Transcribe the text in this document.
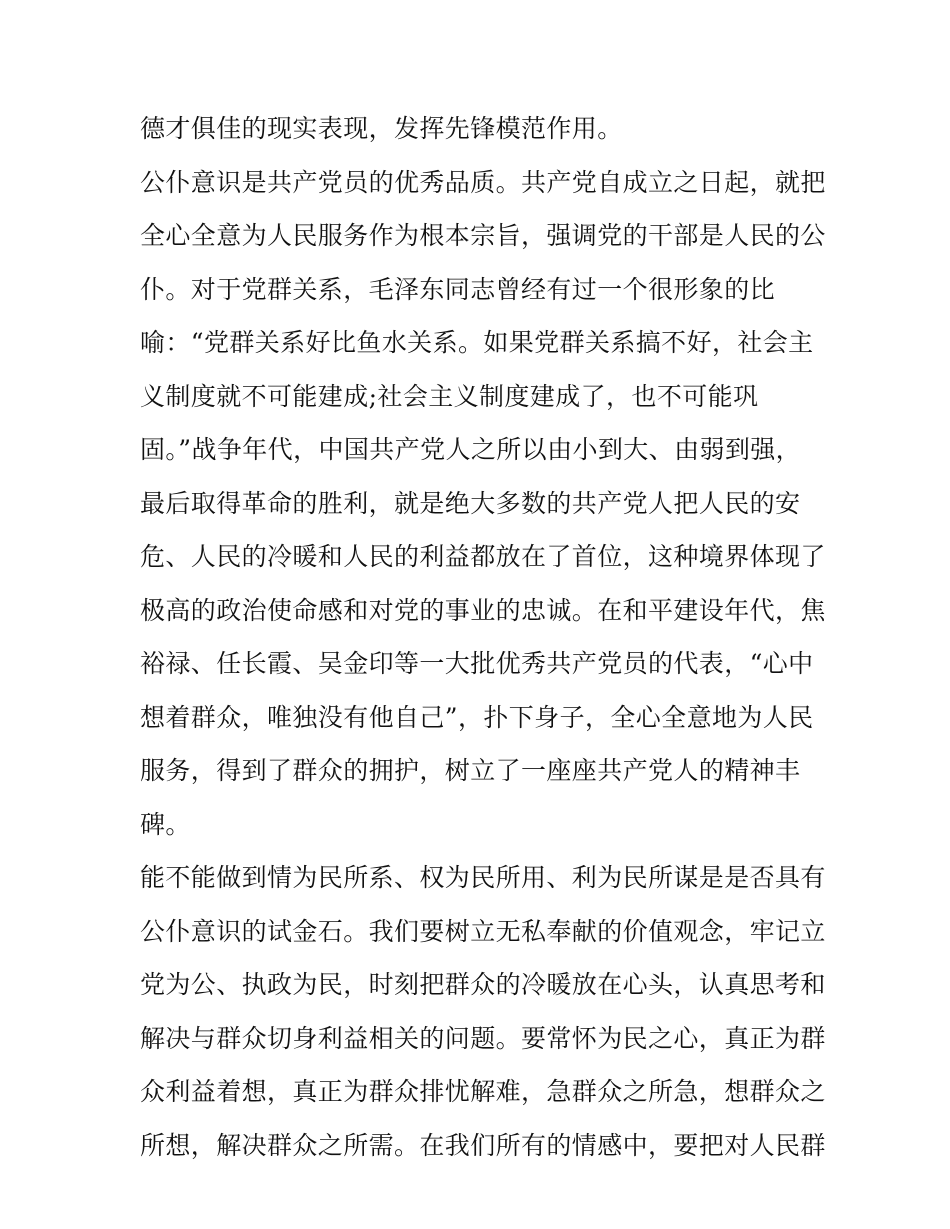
德才俱佳的现实表现，发挥先锋模范作用。
公仆意识是共产党员的优秀品质。共产党自成立之日起，就把
全心全意为人民服务作为根本宗旨，强调党的干部是人民的公
仆。对于党群关系，毛泽东同志曾经有过一个很形象的比
喻：“党群关系好比鱼水关系。如果党群关系搞不好，社会主
义制度就不可能建成;社会主义制度建成了，也不可能巩
固。”战争年代，中国共产党人之所以由小到大、由弱到强，
最后取得革命的胜利，就是绝大多数的共产党人把人民的安
危、人民的冷暖和人民的利益都放在了首位，这种境界体现了
极高的政治使命感和对党的事业的忠诚。在和平建设年代，焦
裕禄、任长霞、吴金印等一大批优秀共产党员的代表，“心中
想着群众，唯独没有他自己”，扑下身子，全心全意地为人民
服务，得到了群众的拥护，树立了一座座共产党人的精神丰
碑。
能不能做到情为民所系、权为民所用、利为民所谋是是否具有
公仆意识的试金石。我们要树立无私奉献的价值观念，牢记立
党为公、执政为民，时刻把群众的冷暖放在心头，认真思考和
解决与群众切身利益相关的问题。要常怀为民之心，真正为群
众利益着想，真正为群众排忧解难，急群众之所急，想群众之
所想，解决群众之所需。在我们所有的情感中，要把对人民群
